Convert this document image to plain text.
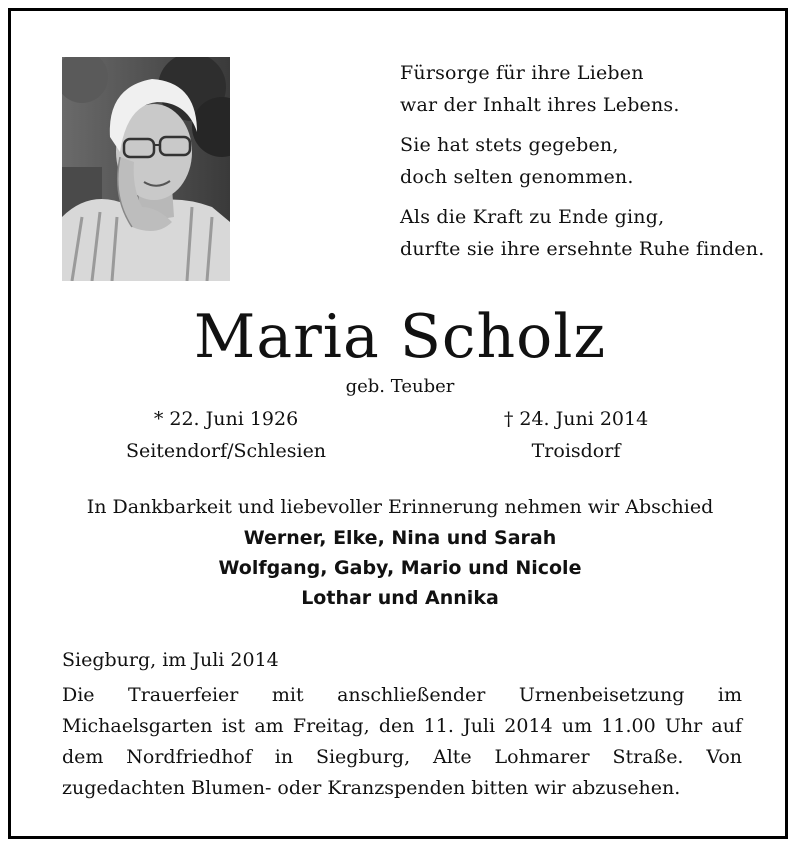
Fürsorge für ihre Lieben
war der Inhalt ihres Lebens.
Sie hat stets gegeben,
doch selten genommen.
Als die Kraft zu Ende ging,
durfte sie ihre ersehnte Ruhe finden.
Maria Scholz
geb. Teuber
* 22. Juni 1926
Seitendorf/Schlesien
† 24. Juni 2014
Troisdorf
In Dankbarkeit und liebevoller Erinnerung nehmen wir Abschied
Werner, Elke, Nina und Sarah
Wolfgang, Gaby, Mario und Nicole
Lothar und Annika
Siegburg, im Juli 2014
Die Trauerfeier mit anschließender Urnenbeisetzung im Michaelsgarten ist am Freitag, den 11. Juli 2014 um 11.00 Uhr auf dem Nordfriedhof in Siegburg, Alte Lohmarer Straße. Von zugedachten Blumen- oder Kranzspenden bitten wir abzusehen.
